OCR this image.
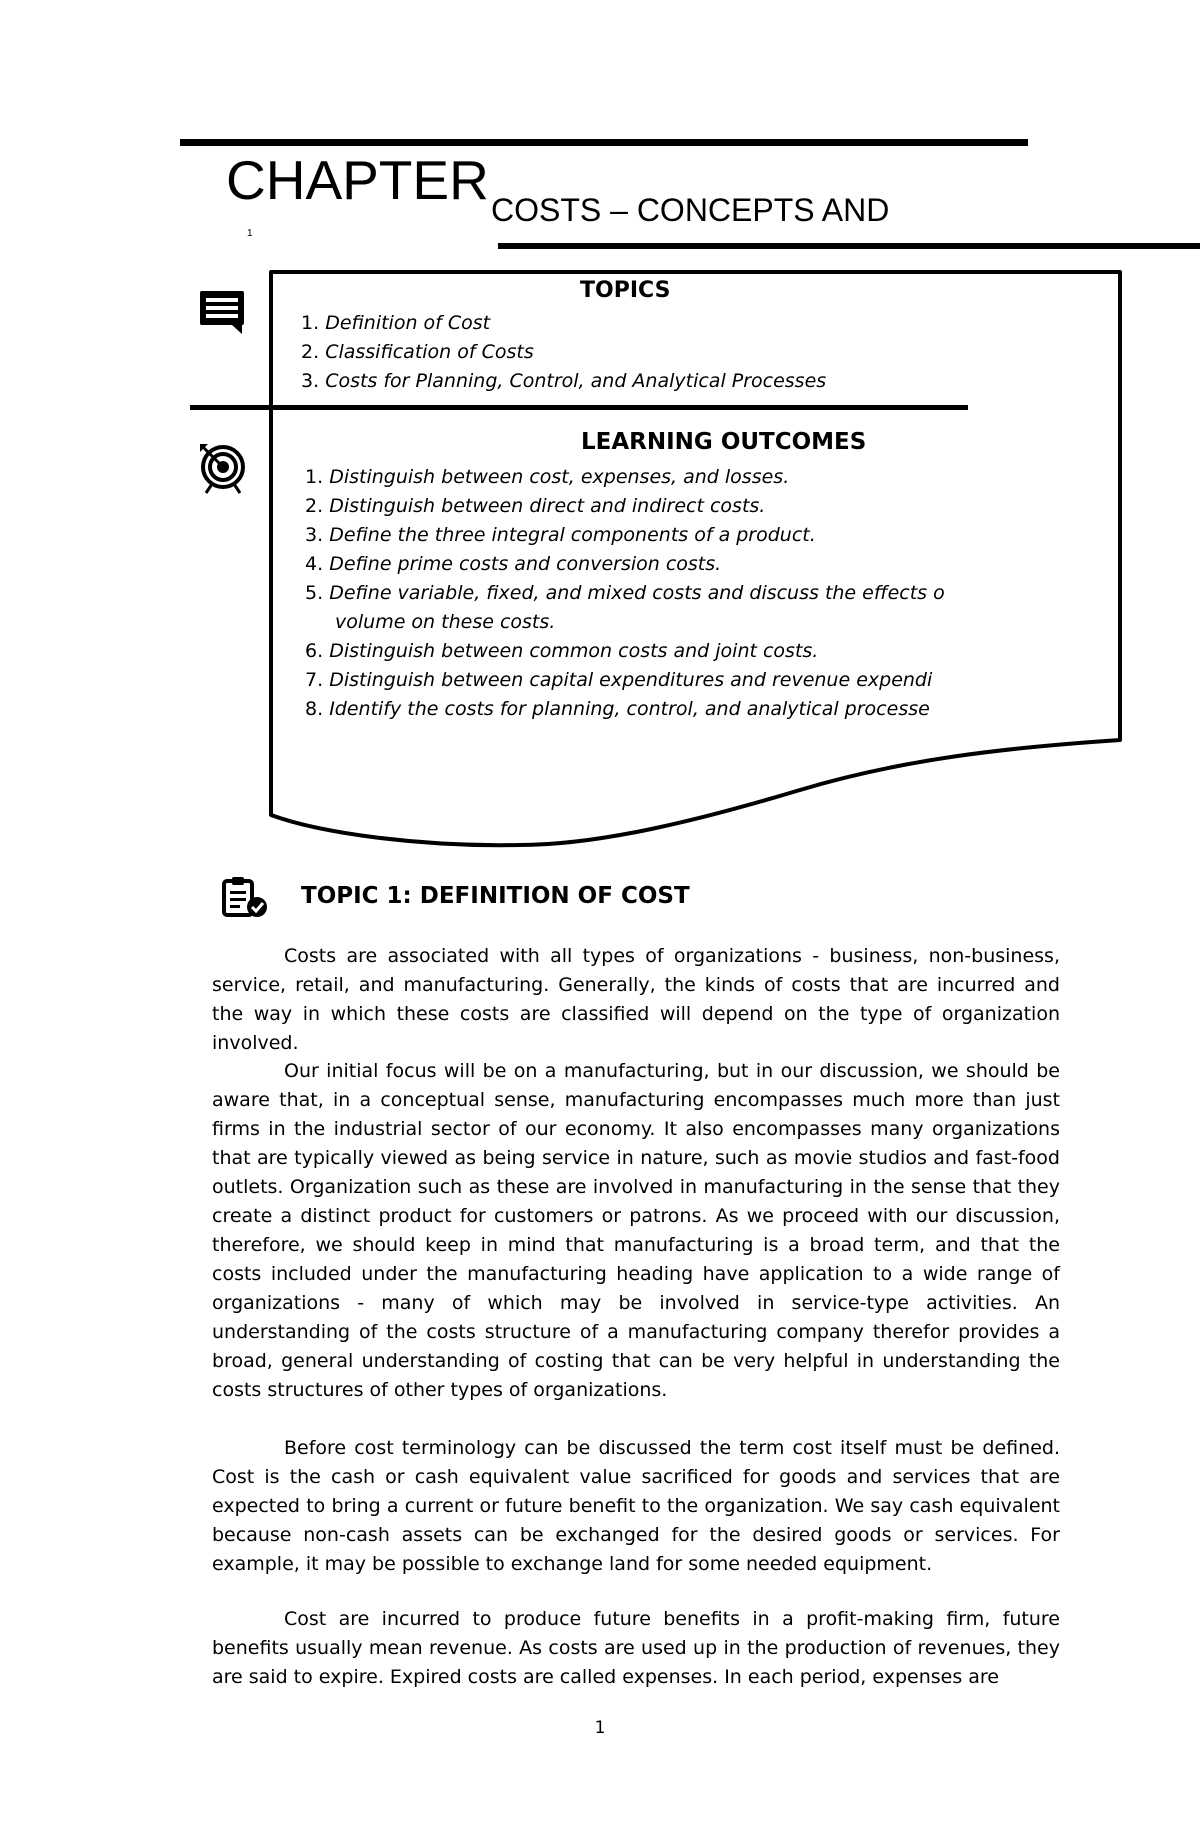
CHAPTER COSTS – CONCEPTS AND
1
TOPICS
1. Definition of Cost
2. Classification of Costs
3. Costs for Planning, Control, and Analytical Processes
LEARNING OUTCOMES
1. Distinguish between cost, expenses, and losses.
2. Distinguish between direct and indirect costs.
3. Define the three integral components of a product.
4. Define prime costs and conversion costs.
5. Define variable, fixed, and mixed costs and discuss the effects o
volume on these costs.
6. Distinguish between common costs and joint costs.
7. Distinguish between capital expenditures and revenue expendi
8. Identify the costs for planning, control, and analytical processe
TOPIC 1: DEFINITION OF COST

Costs are associated with all types of organizations - business, non-business, service, retail, and manufacturing. Generally, the kinds of costs that are incurred and the way in which these costs are classified will depend on the type of organization involved.

Our initial focus will be on a manufacturing, but in our discussion, we should be aware that, in a conceptual sense, manufacturing encompasses much more than just firms in the industrial sector of our economy. It also encompasses many organizations that are typically viewed as being service in nature, such as movie studios and fast-food outlets. Organization such as these are involved in manufacturing in the sense that they create a distinct product for customers or patrons. As we proceed with our discussion, therefore, we should keep in mind that manufacturing is a broad term, and that the costs included under the manufacturing heading have application to a wide range of organizations - many of which may be involved in service-type activities. An understanding of the costs structure of a manufacturing company therefor provides a broad, general understanding of costing that can be very helpful in understanding the costs structures of other types of organizations.

Before cost terminology can be discussed the term cost itself must be defined. Cost is the cash or cash equivalent value sacrificed for goods and services that are expected to bring a current or future benefit to the organization. We say cash equivalent because non-cash assets can be exchanged for the desired goods or services. For example, it may be possible to exchange land for some needed equipment.

Cost are incurred to produce future benefits in a profit-making firm, future benefits usually mean revenue. As costs are used up in the production of revenues, they are said to expire. Expired costs are called expenses. In each period, expenses are

1
